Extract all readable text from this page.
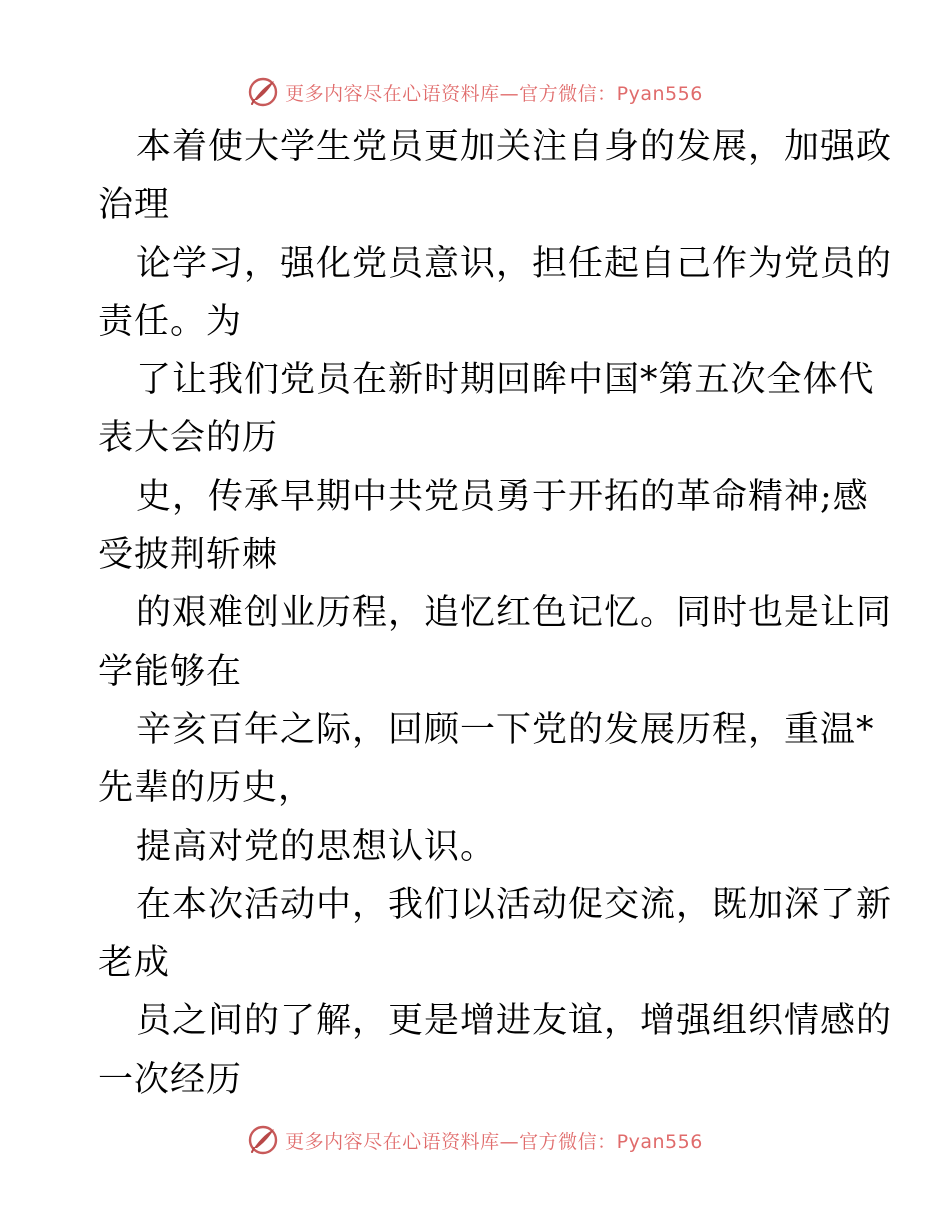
更多内容尽在心语资料库—官方微信：Pyan556
本着使大学生党员更加关注自身的发展，加强政
治理
论学习，强化党员意识，担任起自己作为党员的
责任。为
了让我们党员在新时期回眸中国*第五次全体代
表大会的历
史，传承早期中共党员勇于开拓的革命精神;感
受披荆斩棘
的艰难创业历程，追忆红色记忆。同时也是让同
学能够在
辛亥百年之际，回顾一下党的发展历程，重温*
先辈的历史，
提高对党的思想认识。
在本次活动中，我们以活动促交流，既加深了新
老成
员之间的了解，更是增进友谊，增强组织情感的
一次经历
更多内容尽在心语资料库—官方微信：Pyan556
